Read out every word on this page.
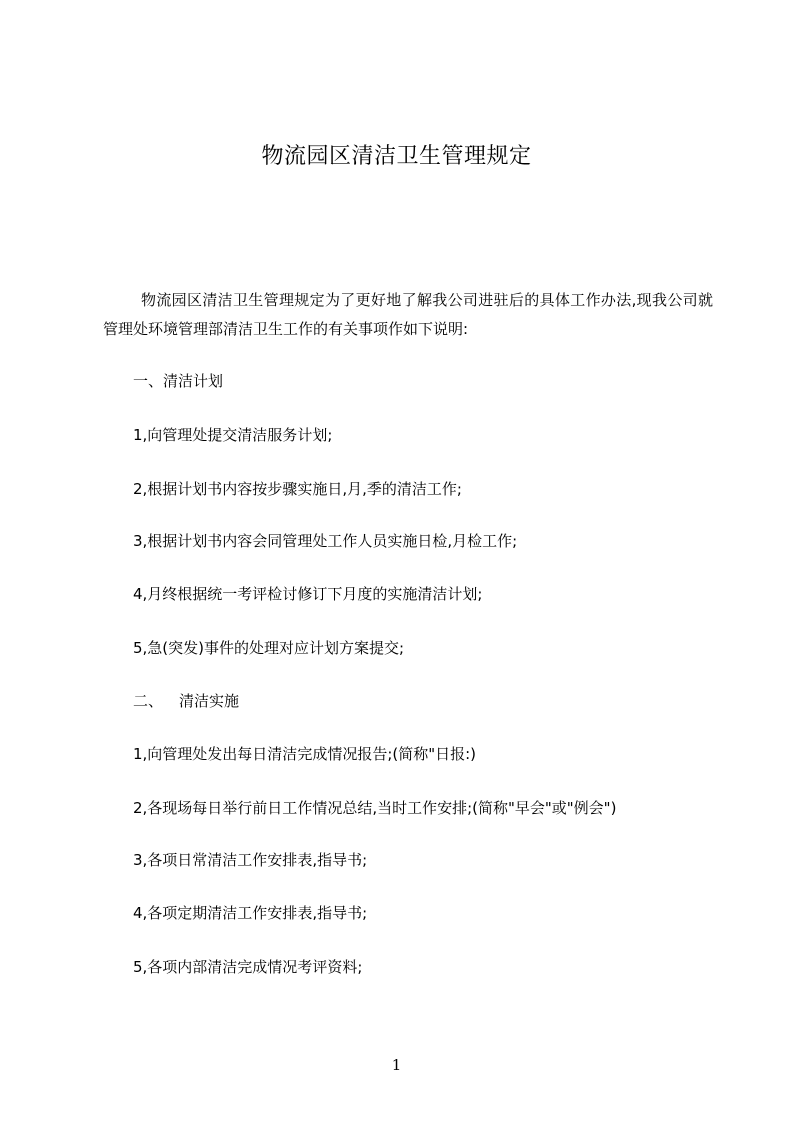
物流园区清洁卫生管理规定
物流园区清洁卫生管理规定为了更好地了解我公司进驻后的具体工作办法,现我公司就管理处环境管理部清洁卫生工作的有关事项作如下说明:
一、清洁计划
1,向管理处提交清洁服务计划;
2,根据计划书内容按步骤实施日,月,季的清洁工作;
3,根据计划书内容会同管理处工作人员实施日检,月检工作;
4,月终根据统一考评检讨修订下月度的实施清洁计划;
5,急(突发)事件的处理对应计划方案提交;
二、 清洁实施
1,向管理处发出每日清洁完成情况报告;(简称"日报:)
2,各现场每日举行前日工作情况总结,当时工作安排;(简称"早会"或"例会")
3,各项日常清洁工作安排表,指导书;
4,各项定期清洁工作安排表,指导书;
5,各项内部清洁完成情况考评资料;
1
